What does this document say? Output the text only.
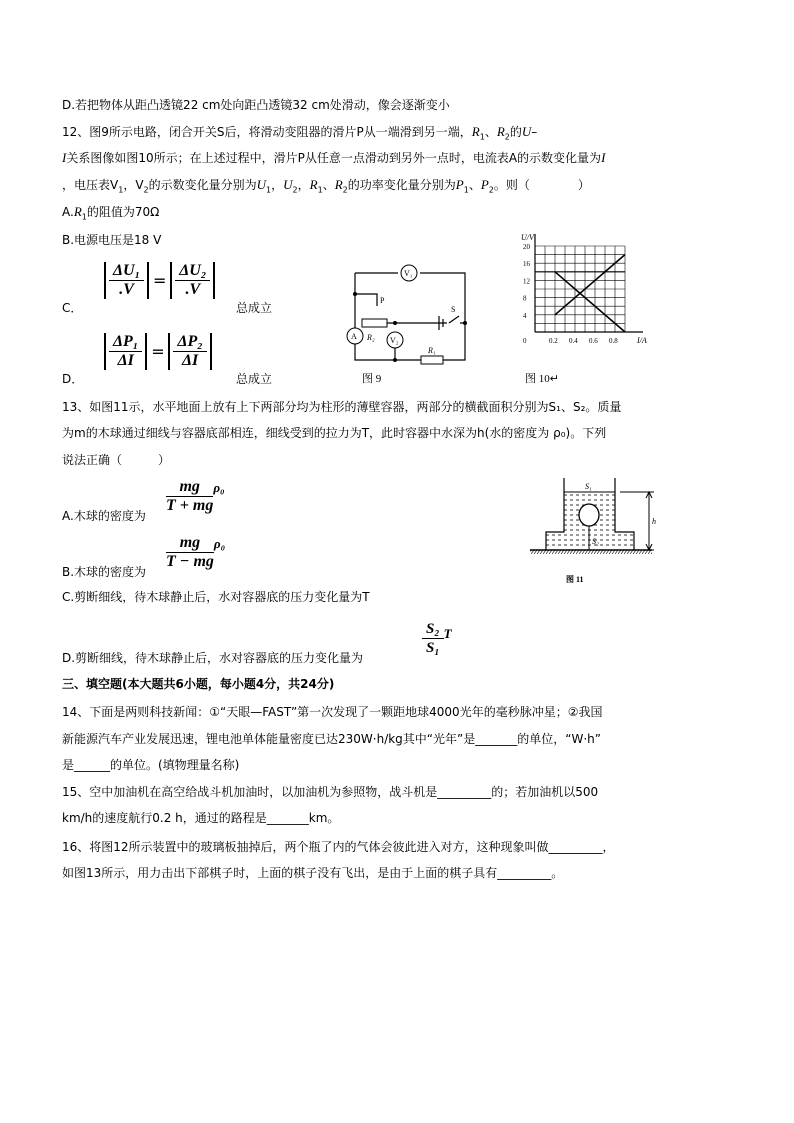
D.若把物体从距凸透镜22 cm处向距凸透镜32 cm处滑动，像会逐渐变小
12、图9所示电路，闭合开关S后，将滑动变阻器的滑片P从一端滑到另一端，$R_1$、$R_2$的U–
I关系图像如图10所示；在上述过程中，滑片P从任意一点滑动到另外一点时，电流表A的示数变化量为I
，电压表$V_1$，$V_2$的示数变化量分别为$U_1$，$U_2$，$R_1$、$R_2$的功率变化量分别为$P_1$、$P_2$。则（　　　　）
$A.R_1$的阻值为70Ω
B.电源电压是18 V
C．
$\frac{\text{ΔU₁}}{.V} = \frac{\text{ΔU₂}}{.V}$
总成立
D．
$\frac{\text{ΔP₁}}{\Delta I} = \frac{\text{ΔP₂}}{\Delta I}$
总成立
V₁
A	V₂
P
R₂
R₁
S
图 9
0.2 0.4 0.6 0.8
4
8
12
16
20
0	I/A
U/V
图 10↵
13、如图11示，水平地面上放有上下两部分均为柱形的薄壁容器，两部分的横截面积分别为S₁、S₂。质量
为m的木球通过细线与容器底部相连，细线受到的拉力为T，此时容器中水深为h(水的密度为 ρ₀)。下列
说法正确（　　　）
A.木球的密度为
$\frac{mg}{T + mg} \rho_0$
B.木球的密度为
$\frac{mg}{T - mg} \rho_0$
C.剪断细线，待木球静止后，水对容器底的压力变化量为T
D.剪断细线，待木球静止后，水对容器底的压力变化量为
$\frac{\text{S₂}}{\text{S₁}}$ T
S₁
S₂
h
图 11
三、填空题(本大题共6小题，每小题4分，共24分)
14、下面是两则科技新闻：①“天眼—FAST”第一次发现了一颗距地球4000光年的毫秒脉冲星；②我国
新能源汽车产业发展迅速，锂电池单体能量密度已达230W·h/kg其中“光年”是_______的单位，“W·h”
是______的单位。(填物理量名称)
15、空中加油机在高空给战斗机加油时，以加油机为参照物，战斗机是_________的；若加油机以500
km/h的速度航行0.2 h，通过的路程是_______km。
16、将图12所示装置中的玻璃板抽掉后，两个瓶了内的气体会彼此进入对方，这种现象叫做_________，
如图13所示，用力击出下部棋子时，上面的棋子没有飞出，是由于上面的棋子具有_________。
